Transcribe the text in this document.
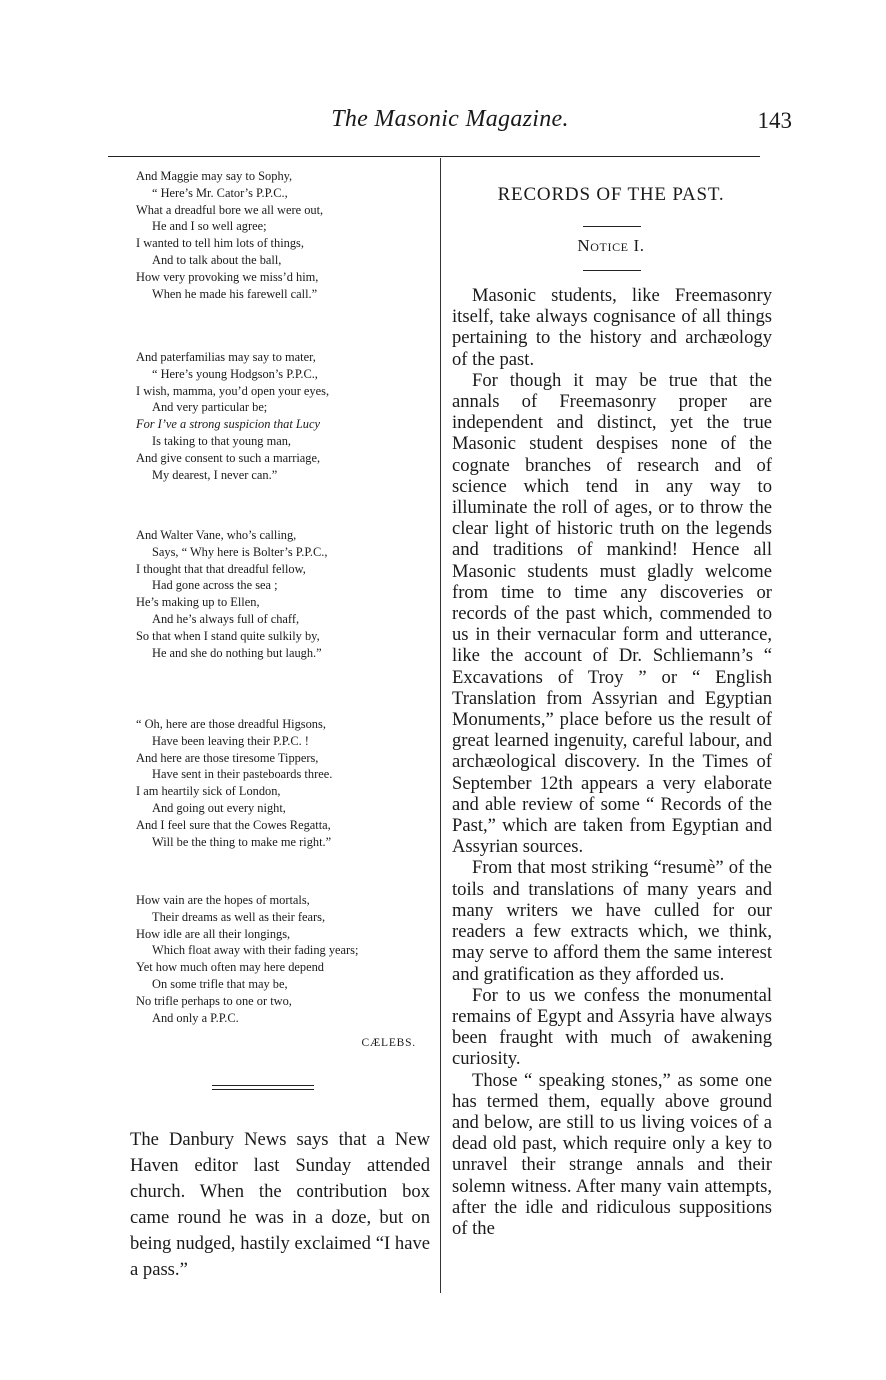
The Masonic Magazine.	143
And Maggie may say to Sophy,
“ Here’s Mr. Cator’s P.P.C.,
What a dreadful bore we all were out,
He and I so well agree;
I wanted to tell him lots of things,
And to talk about the ball,
How very provoking we miss’d him,
When he made his farewell call.”
And paterfamilias may say to mater,
“ Here’s young Hodgson’s P.P.C.,
I wish, mamma, you’d open your eyes,
And very particular be;
For I’ve a strong suspicion that Lucy
Is taking to that young man,
And give consent to such a marriage,
My dearest, I never can.”
And Walter Vane, who’s calling,
Says, “ Why here is Bolter’s P.P.C.,
I thought that that dreadful fellow,
Had gone across the sea ;
He’s making up to Ellen,
And he’s always full of chaff,
So that when I stand quite sulkily by,
He and she do nothing but laugh.”
“ Oh, here are those dreadful Higsons,
Have been leaving their P.P.C. !
And here are those tiresome Tippers,
Have sent in their pasteboards three.
I am heartily sick of London,
And going out every night,
And I feel sure that the Cowes Regatta,
Will be the thing to make me right.”
How vain are the hopes of mortals,
Their dreams as well as their fears,
How idle are all their longings,
Which float away with their fading years;
Yet how much often may here depend
On some trifle that may be,
No trifle perhaps to one or two,
And only a P.P.C.
CÆLEBS.

The Danbury News says that a New Haven editor last Sunday attended church. When the contribution box came round he was in a doze, but on being nudged, hastily exclaimed “I have a pass.”

RECORDS OF THE PAST.
Notice I.

Masonic students, like Freemasonry itself, take always cognisance of all things pertaining to the history and archæology of the past.

For though it may be true that the annals of Freemasonry proper are independent and distinct, yet the true Masonic student despises none of the cognate branches of research and of science which tend in any way to illuminate the roll of ages, or to throw the clear light of historic truth on the legends and traditions of mankind! Hence all Masonic students must gladly welcome from time to time any discoveries or records of the past which, commended to us in their vernacular form and utterance, like the account of Dr. Schliemann’s “ Excavations of Troy ” or “ English Translation from Assyrian and Egyptian Monuments,” place before us the result of great learned ingenuity, careful labour, and archæological discovery. In the Times of September 12th appears a very elaborate and able review of some “ Records of the Past,” which are taken from Egyptian and Assyrian sources.

From that most striking “resumè” of the toils and translations of many years and many writers we have culled for our readers a few extracts which, we think, may serve to afford them the same interest and gratification as they afforded us.

For to us we confess the monumental remains of Egypt and Assyria have always been fraught with much of awakening curiosity.

Those “ speaking stones,” as some one has termed them, equally above ground and below, are still to us living voices of a dead old past, which require only a key to unravel their strange annals and their solemn witness. After many vain attempts, after the idle and ridiculous suppositions of the
